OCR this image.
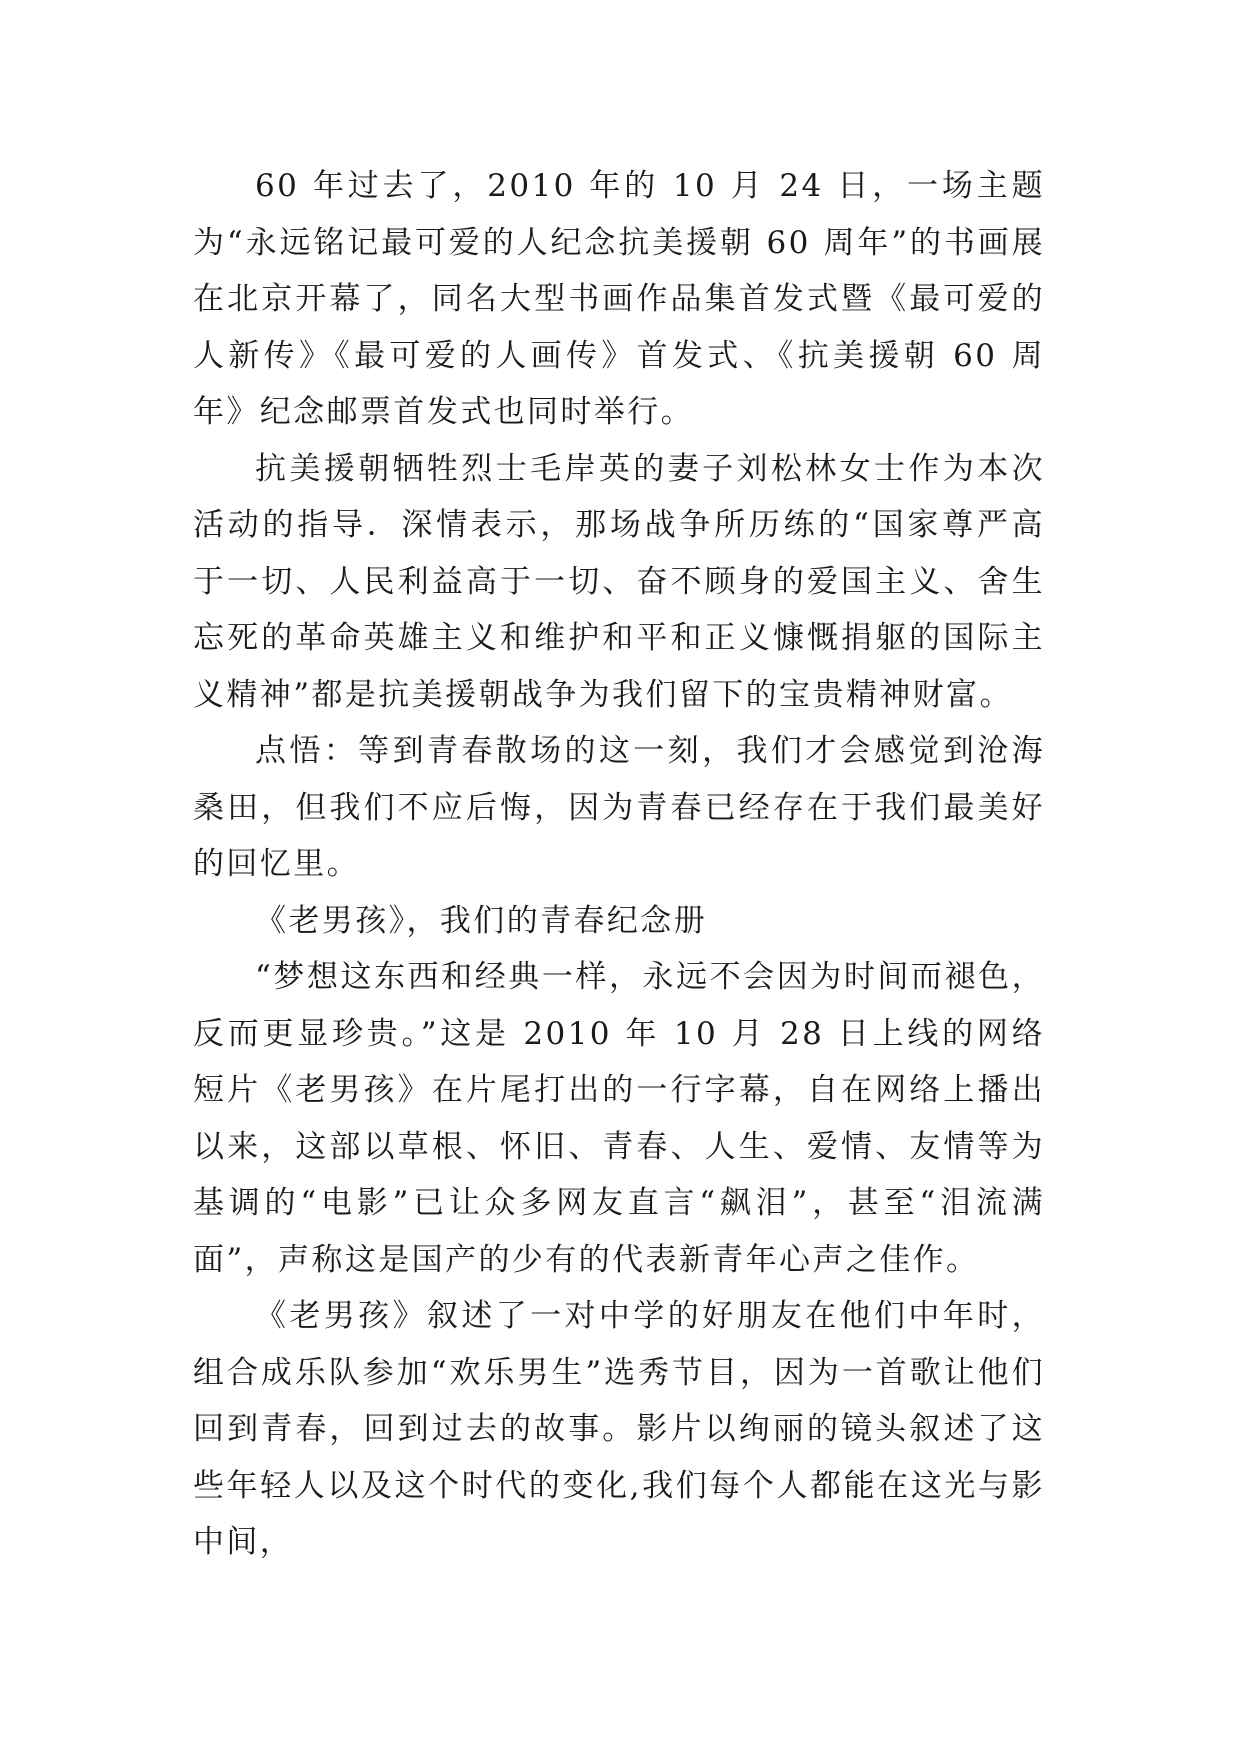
60 年过去了，2010 年的 10 月 24 日，一场主题为“永远铭记最可爱的人纪念抗美援朝 60 周年”的书画展在北京开幕了，同名大型书画作品集首发式暨《最可爱的人新传》《最可爱的人画传》首发式、《抗美援朝 60 周年》纪念邮票首发式也同时举行。

抗美援朝牺牲烈士毛岸英的妻子刘松林女士作为本次活动的指导．深情表示，那场战争所历练的“国家尊严高于一切、人民利益高于一切、奋不顾身的爱国主义、舍生忘死的革命英雄主义和维护和平和正义慷慨捐躯的国际主义精神”都是抗美援朝战争为我们留下的宝贵精神财富。

点悟：等到青春散场的这一刻，我们才会感觉到沧海桑田，但我们不应后悔，因为青春已经存在于我们最美好的回忆里。

《老男孩》，我们的青春纪念册

“梦想这东西和经典一样，永远不会因为时间而褪色，反而更显珍贵。”这是 2010 年 10 月 28 日上线的网络短片《老男孩》在片尾打出的一行字幕，自在网络上播出以来，这部以草根、怀旧、青春、人生、爱情、友情等为基调的“电影”已让众多网友直言“飙泪”，甚至“泪流满面”，声称这是国产的少有的代表新青年心声之佳作。

《老男孩》叙述了一对中学的好朋友在他们中年时，组合成乐队参加“欢乐男生”选秀节目，因为一首歌让他们回到青春，回到过去的故事。影片以绚丽的镜头叙述了这些年轻人以及这个时代的变化,我们每个人都能在这光与影中间，
